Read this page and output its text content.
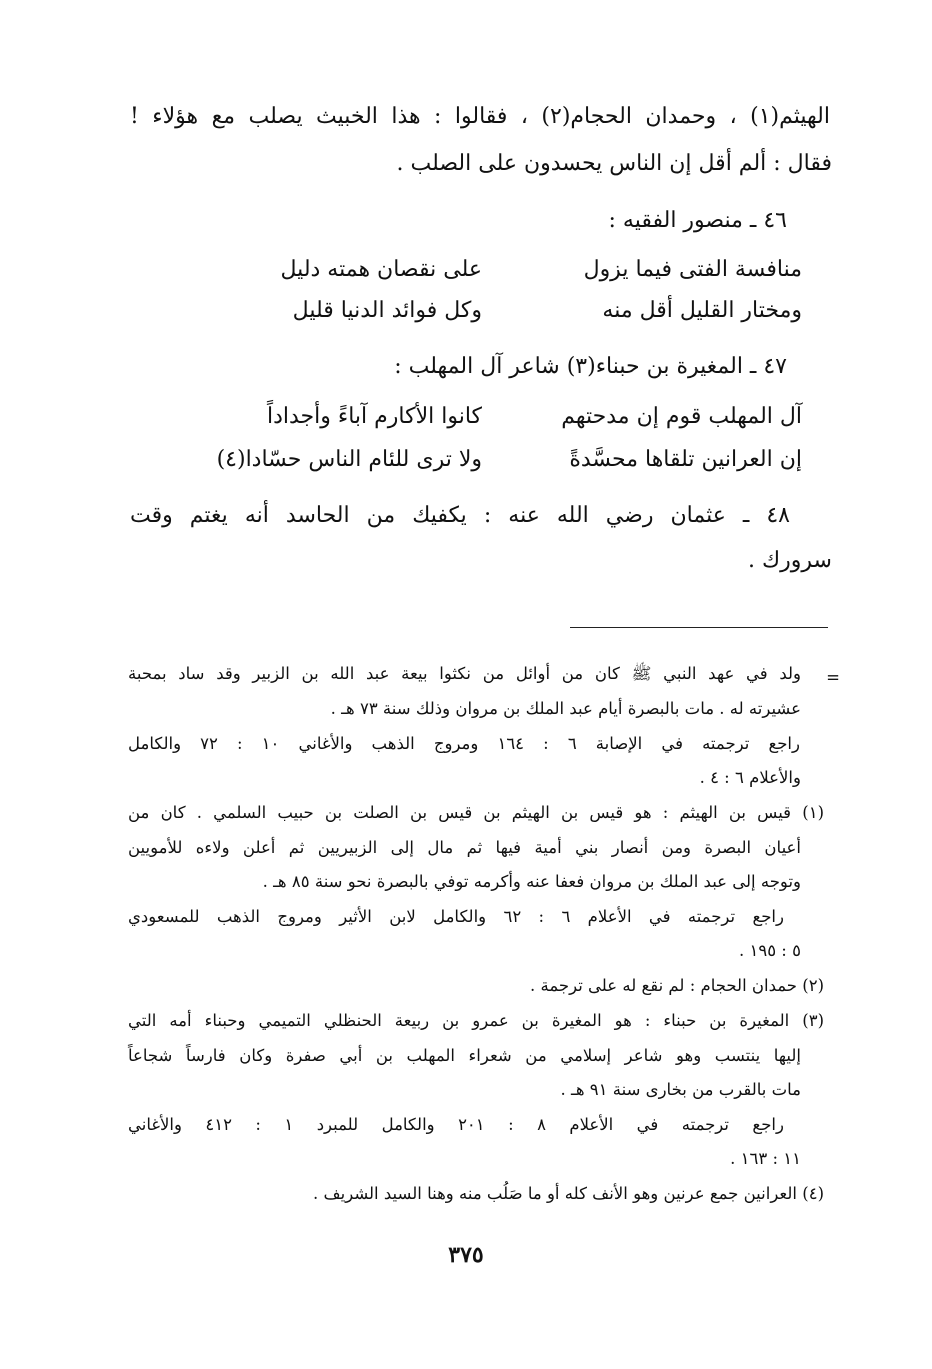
الهيثم(١) ، وحمدان الحجام(٢) ، فقالوا : هذا الخبيث يصلب مع هؤلاء !
فقال : ألم أقل إن الناس يحسدون على الصلب .
٤٦ ـ منصور الفقيه :
منافسة الفتى فيما يزول
على نقصان همته دليل
ومختار القليل أقل منه
وكل فوائد الدنيا قليل
٤٧ ـ المغيرة بن حبناء(٣) شاعر آل المهلب :
آل المهلب قوم إن مدحتهم
كانوا الأكارم آباءً وأجداداً
إن العرانين تلقاها محسَّدةً
ولا ترى للئام الناس حسّادا(٤)
٤٨ ـ عثمان رضي الله عنه : يكفيك من الحاسد أنه يغتم وقت
سرورك .
=
ولد في عهد النبي ﷺ كان من أوائل من نكثوا بيعة عبد الله بن الزبير وقد ساد بمحبة
عشيرته له . مات بالبصرة أيام عبد الملك بن مروان وذلك سنة ٧٣ هـ .
راجع ترجمته في الإصابة ٦ : ١٦٤ ومروج الذهب والأغاني ١٠ : ٧٢ والكامل
والأعلام ٦ : ٤ .
(١) قيس بن الهيثم : هو قيس بن الهيثم بن قيس بن الصلت بن حبيب السلمي . كان من
أعيان البصرة ومن أنصار بني أمية فيها ثم مال إلى الزبيريين ثم أعلن ولاءه للأمويين
وتوجه إلى عبد الملك بن مروان فعفا عنه وأكرمه توفي بالبصرة نحو سنة ٨٥ هـ .
راجع ترجمته في الأعلام ٦ : ٦٢ والكامل لابن الأثير ومروج الذهب للمسعودي
٥ : ١٩٥ .
(٢) حمدان الحجام : لم نقع له على ترجمة .
(٣) المغيرة بن حبناء : هو المغيرة بن عمرو بن ربيعة الحنظلي التميمي وحبناء أمه التي
إليها ينتسب وهو شاعر إسلامي من شعراء المهلب بن أبي صفرة وكان فارساً شجاعاً
مات بالقرب من بخارى سنة ٩١ هـ .
راجع ترجمته في الأعلام ٨ : ٢٠١ والكامل للمبرد ١ : ٤١٢ والأغاني
١١ : ١٦٣ .
(٤) العرانين جمع عرنين وهو الأنف كله أو ما صَلُب منه وهنا السيد الشريف .
٣٧٥
